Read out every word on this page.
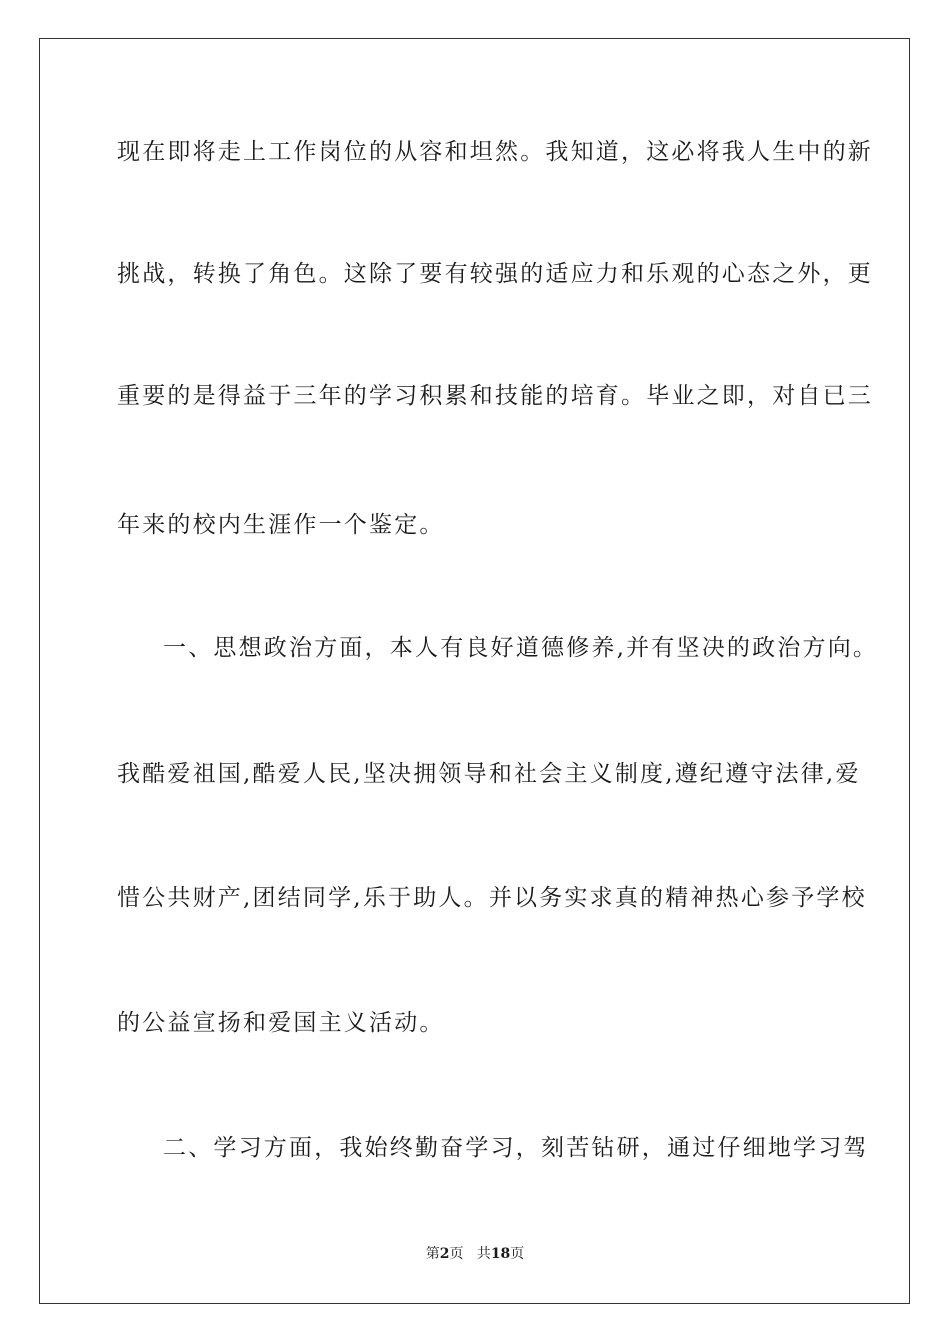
现在即将走上工作岗位的从容和坦然。我知道，这必将我人生中的新
挑战，转换了角色。这除了要有较强的适应力和乐观的心态之外，更
重要的是得益于三年的学习积累和技能的培育。毕业之即，对自已三
年来的校内生涯作一个鉴定。
一、思想政治方面，本人有良好道德修养,并有坚决的政治方向。
我酷爱祖国,酷爱人民,坚决拥领导和社会主义制度,遵纪遵守法律,爱
惜公共财产,团结同学,乐于助人。并以务实求真的精神热心参予学校
的公益宣扬和爱国主义活动。
二、学习方面，我始终勤奋学习，刻苦钻研，通过仔细地学习驾
第2页 共18页
